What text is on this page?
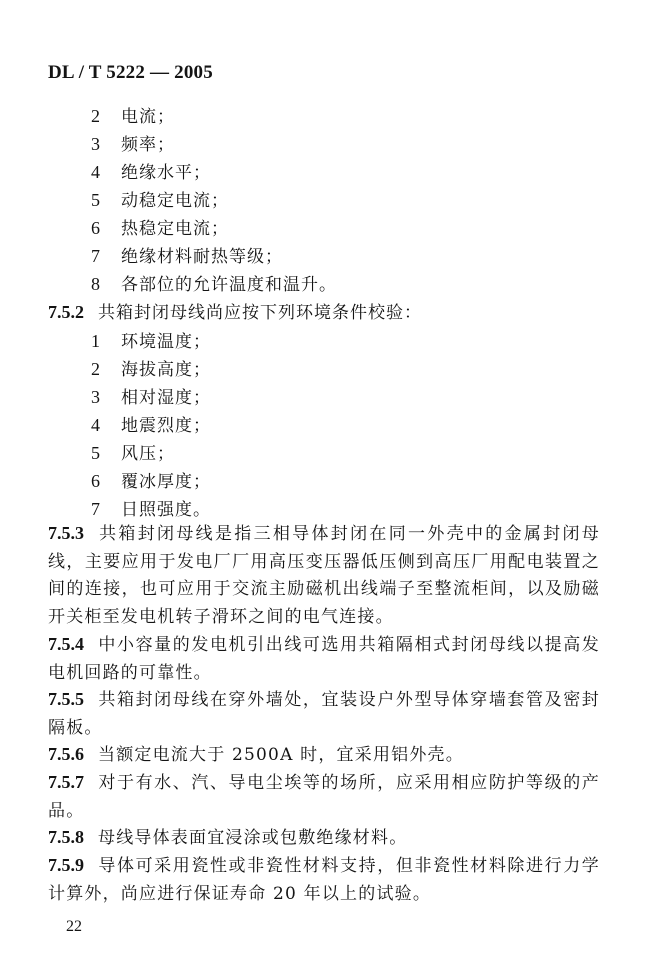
DL / T 5222 — 2005
2 电流；
3 频率；
4 绝缘水平；
5 动稳定电流；
6 热稳定电流；
7 绝缘材料耐热等级；
8 各部位的允许温度和温升。
7.5.2 共箱封闭母线尚应按下列环境条件校验：
1 环境温度；
2 海拔高度；
3 相对湿度；
4 地震烈度；
5 风压；
6 覆冰厚度；
7 日照强度。
7.5.3 共箱封闭母线是指三相导体封闭在同一外壳中的金属封闭母线，主要应用于发电厂厂用高压变压器低压侧到高压厂用配电装置之间的连接，也可应用于交流主励磁机出线端子至整流柜间，以及励磁开关柜至发电机转子滑环之间的电气连接。
7.5.4 中小容量的发电机引出线可选用共箱隔相式封闭母线以提高发电机回路的可靠性。
7.5.5 共箱封闭母线在穿外墙处，宜装设户外型导体穿墙套管及密封隔板。
7.5.6 当额定电流大于 2500A 时，宜采用铝外壳。
7.5.7 对于有水、汽、导电尘埃等的场所，应采用相应防护等级的产品。
7.5.8 母线导体表面宜浸涂或包敷绝缘材料。
7.5.9 导体可采用瓷性或非瓷性材料支持，但非瓷性材料除进行力学计算外，尚应进行保证寿命 20 年以上的试验。
22
